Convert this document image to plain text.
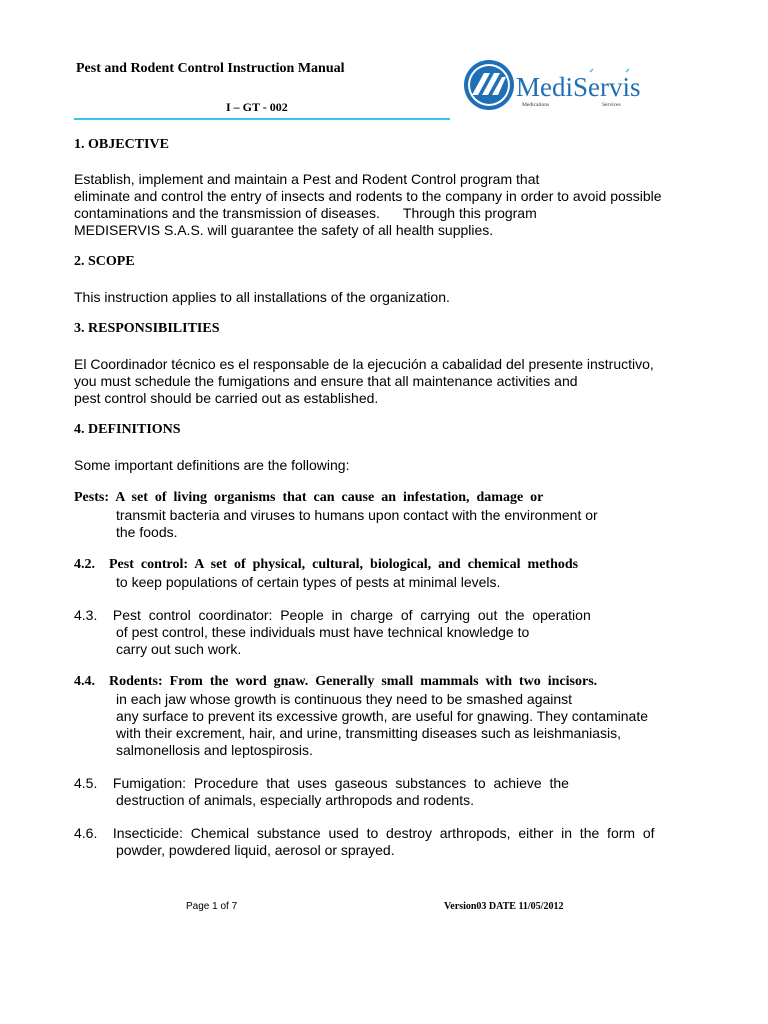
Pest and Rodent Control Instruction Manual
MediServis
Medications	Services
I – GT - 002
1. OBJECTIVE
Establish, implement and maintain a Pest and Rodent Control program that
eliminate and control the entry of insects and rodents to the company in order to avoid possible
contaminations and the transmission of diseases.      Through this program
MEDISERVIS S.A.S. will guarantee the safety of all health supplies.
2. SCOPE
This instruction applies to all installations of the organization.
3. RESPONSIBILITIES
El Coordinador técnico es el responsable de la ejecución a cabalidad del presente instructivo,
you must schedule the fumigations and ensure that all maintenance activities and
pest control should be carried out as established.
4. DEFINITIONS
Some important definitions are the following:
Pests:  A  set  of  living  organisms  that  can  cause  an  infestation,  damage  or
transmit bacteria and viruses to humans upon contact with the environment or
the foods.
4.2.    Pest  control:  A  set  of  physical,  cultural,  biological,  and  chemical  methods
to keep populations of certain types of pests at minimal levels.
4.3.    Pest  control  coordinator:  People  in  charge  of  carrying  out  the  operation
of pest control, these individuals must have technical knowledge to
carry out such work.
4.4.    Rodents:  From  the  word  gnaw.  Generally  small  mammals  with  two  incisors.
in each jaw whose growth is continuous they need to be smashed against
any surface to prevent its excessive growth, are useful for gnawing. They contaminate
with their excrement, hair, and urine, transmitting diseases such as leishmaniasis,
salmonellosis and leptospirosis.
4.5.    Fumigation:  Procedure  that  uses  gaseous  substances  to  achieve  the
destruction of animals, especially arthropods and rodents.
4.6.    Insecticide:  Chemical  substance  used  to  destroy  arthropods,  either  in  the  form  of
powder, powdered liquid, aerosol or sprayed.
Page 1 of 7	Version03 DATE 11/05/2012
